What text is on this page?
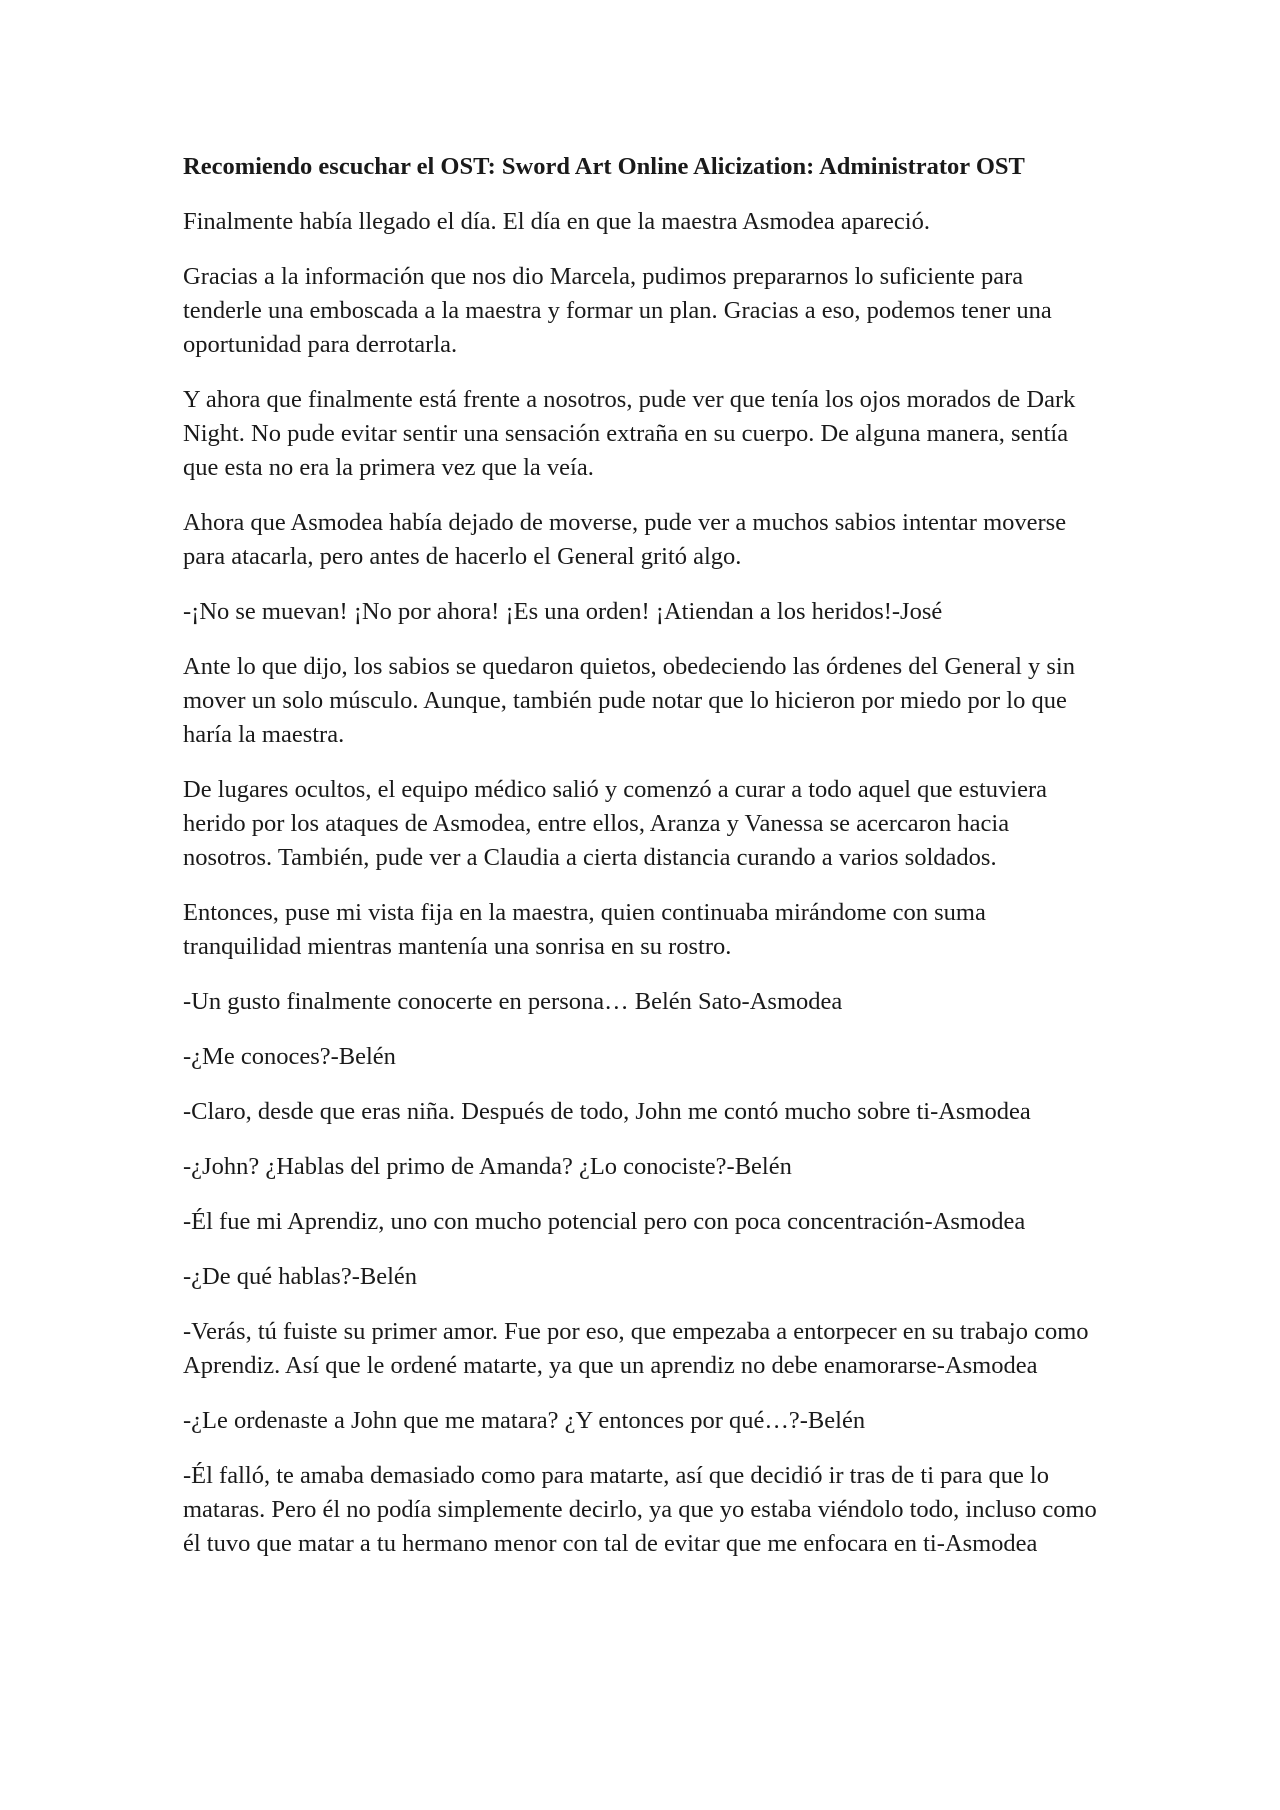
Recomiendo escuchar el OST: Sword Art Online Alicization: Administrator OST

Finalmente había llegado el día. El día en que la maestra Asmodea apareció.

Gracias a la información que nos dio Marcela, pudimos prepararnos lo suficiente para tenderle una emboscada a la maestra y formar un plan. Gracias a eso, podemos tener una oportunidad para derrotarla.

Y ahora que finalmente está frente a nosotros, pude ver que tenía los ojos morados de Dark Night. No pude evitar sentir una sensación extraña en su cuerpo. De alguna manera, sentía que esta no era la primera vez que la veía.

Ahora que Asmodea había dejado de moverse, pude ver a muchos sabios intentar moverse para atacarla, pero antes de hacerlo el General gritó algo.

-¡No se muevan! ¡No por ahora! ¡Es una orden! ¡Atiendan a los heridos!-José

Ante lo que dijo, los sabios se quedaron quietos, obedeciendo las órdenes del General y sin mover un solo músculo. Aunque, también pude notar que lo hicieron por miedo por lo que haría la maestra.

De lugares ocultos, el equipo médico salió y comenzó a curar a todo aquel que estuviera herido por los ataques de Asmodea, entre ellos, Aranza y Vanessa se acercaron hacia nosotros. También, pude ver a Claudia a cierta distancia curando a varios soldados.

Entonces, puse mi vista fija en la maestra, quien continuaba mirándome con suma tranquilidad mientras mantenía una sonrisa en su rostro.

-Un gusto finalmente conocerte en persona… Belén Sato-Asmodea

-¿Me conoces?-Belén

-Claro, desde que eras niña. Después de todo, John me contó mucho sobre ti-Asmodea

-¿John? ¿Hablas del primo de Amanda? ¿Lo conociste?-Belén

-Él fue mi Aprendiz, uno con mucho potencial pero con poca concentración-Asmodea

-¿De qué hablas?-Belén

-Verás, tú fuiste su primer amor. Fue por eso, que empezaba a entorpecer en su trabajo como Aprendiz. Así que le ordené matarte, ya que un aprendiz no debe enamorarse-Asmodea

-¿Le ordenaste a John que me matara? ¿Y entonces por qué…?-Belén

-Él falló, te amaba demasiado como para matarte, así que decidió ir tras de ti para que lo mataras. Pero él no podía simplemente decirlo, ya que yo estaba viéndolo todo, incluso como él tuvo que matar a tu hermano menor con tal de evitar que me enfocara en ti-Asmodea
